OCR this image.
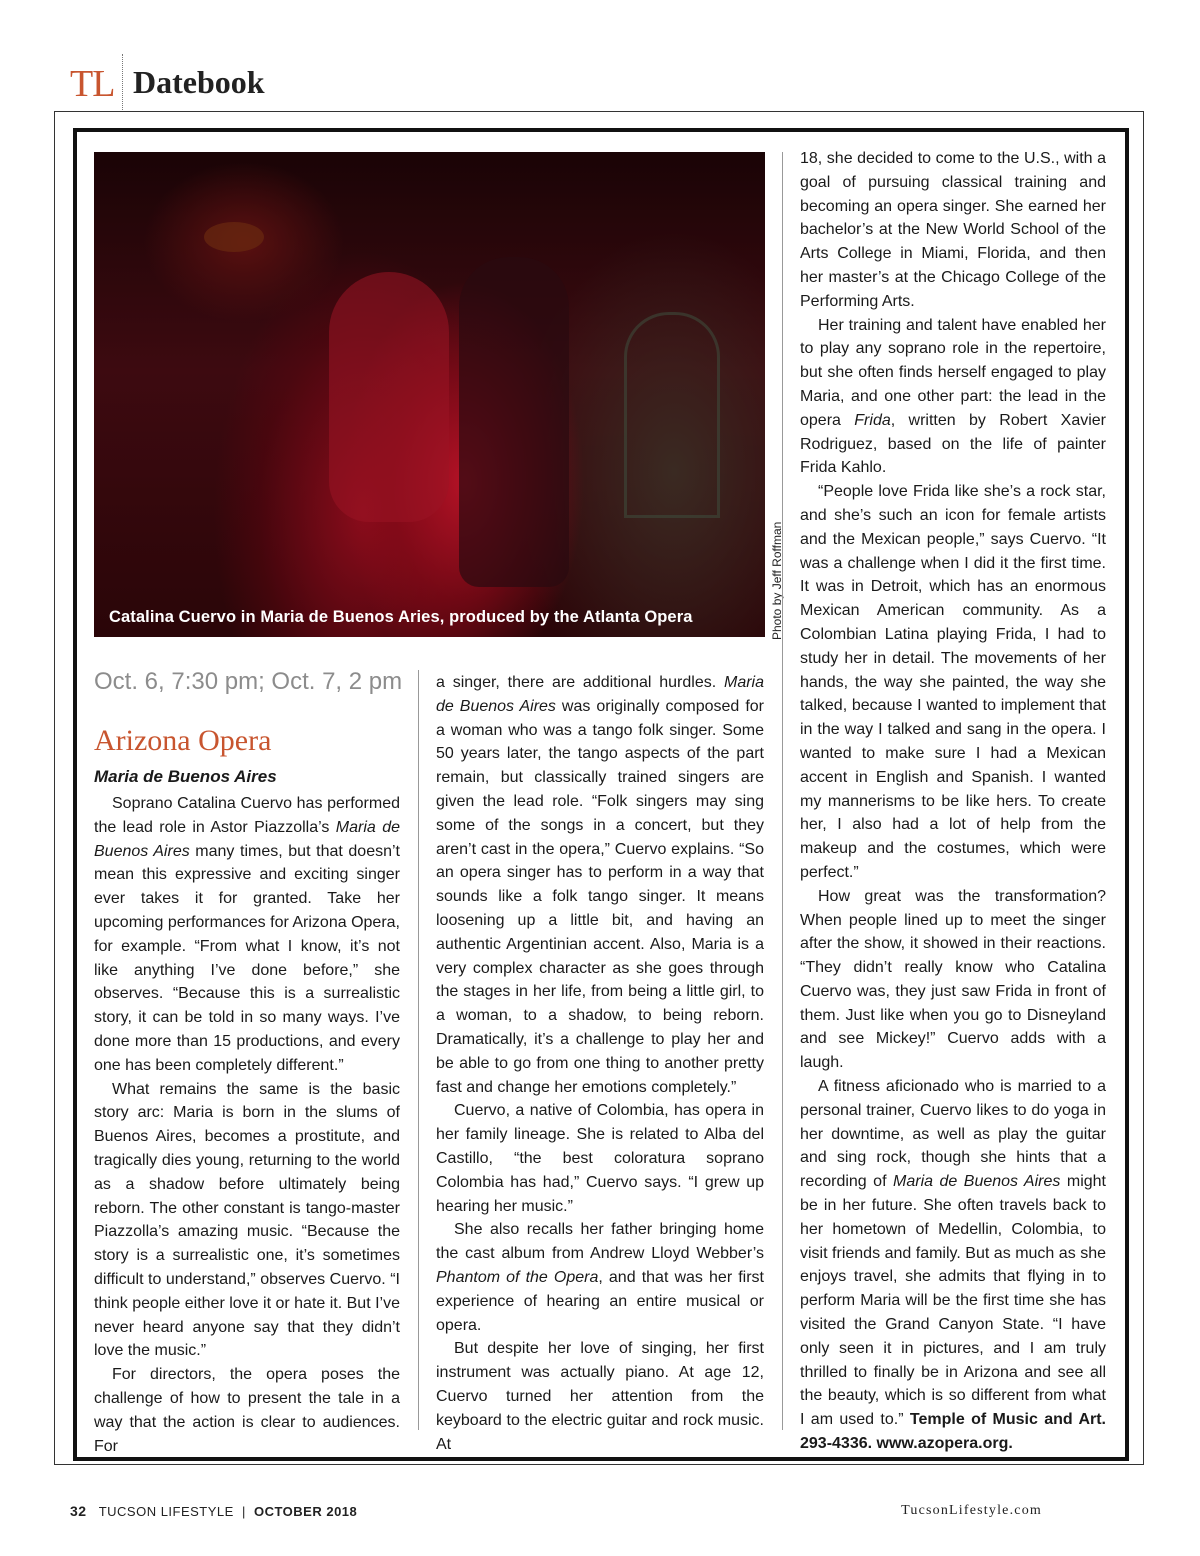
TL Datebook
Catalina Cuervo in Maria de Buenos Aries, produced by the Atlanta Opera	Photo by Jeff Roffman
Oct. 6, 7:30 pm; Oct. 7, 2 pm
Arizona Opera
Maria de Buenos Aires

Soprano Catalina Cuervo has performed the lead role in Astor Piazzolla’s Maria de Buenos Aires many times, but that doesn’t mean this expressive and exciting singer ever takes it for granted. Take her upcoming performances for Arizona Opera, for example. “From what I know, it’s not like anything I’ve done before,” she observes. “Because this is a surrealistic story, it can be told in so many ways. I’ve done more than 15 productions, and every one has been completely different.”

What remains the same is the basic story arc: Maria is born in the slums of Buenos Aires, becomes a prostitute, and tragically dies young, returning to the world as a shadow before ultimately being reborn. The other constant is tango-master Piazzolla’s amazing music. “Because the story is a surrealistic one, it’s sometimes difficult to understand,” observes Cuervo. “I think people either love it or hate it. But I’ve never heard anyone say that they didn’t love the music.”

For directors, the opera poses the challenge of how to present the tale in a way that the action is clear to audiences. For

a singer, there are additional hurdles. Maria de Buenos Aires was originally composed for a woman who was a tango folk singer. Some 50 years later, the tango aspects of the part remain, but classically trained singers are given the lead role. “Folk singers may sing some of the songs in a concert, but they aren’t cast in the opera,” Cuervo explains. “So an opera singer has to perform in a way that sounds like a folk tango singer. It means loosening up a little bit, and having an authentic Argentinian accent. Also, Maria is a very complex character as she goes through the stages in her life, from being a little girl, to a woman, to a shadow, to being reborn. Dramatically, it’s a challenge to play her and be able to go from one thing to another pretty fast and change her emotions completely.”

Cuervo, a native of Colombia, has opera in her family lineage. She is related to Alba del Castillo, “the best coloratura soprano Colombia has had,” Cuervo says. “I grew up hearing her music.”

She also recalls her father bringing home the cast album from Andrew Lloyd Webber’s Phantom of the Opera, and that was her first experience of hearing an entire musical or opera.

But despite her love of singing, her first instrument was actually piano. At age 12, Cuervo turned her attention from the keyboard to the electric guitar and rock music. At

18, she decided to come to the U.S., with a goal of pursuing classical training and becoming an opera singer. She earned her bachelor’s at the New World School of the Arts College in Miami, Florida, and then her master’s at the Chicago College of the Performing Arts.

Her training and talent have enabled her to play any soprano role in the repertoire, but she often finds herself engaged to play Maria, and one other part: the lead in the opera Frida, written by Robert Xavier Rodriguez, based on the life of painter Frida Kahlo.

“People love Frida like she’s a rock star, and she’s such an icon for female artists and the Mexican people,” says Cuervo. “It was a challenge when I did it the first time. It was in Detroit, which has an enormous Mexican American community. As a Colombian Latina playing Frida, I had to study her in detail. The movements of her hands, the way she painted, the way she talked, because I wanted to implement that in the way I talked and sang in the opera. I wanted to make sure I had a Mexican accent in English and Spanish. I wanted my mannerisms to be like hers. To create her, I also had a lot of help from the makeup and the costumes, which were perfect.”

How great was the transformation? When people lined up to meet the singer after the show, it showed in their reactions. “They didn’t really know who Catalina Cuervo was, they just saw Frida in front of them. Just like when you go to Disneyland and see Mickey!” Cuervo adds with a laugh.

A fitness aficionado who is married to a personal trainer, Cuervo likes to do yoga in her downtime, as well as play the guitar and sing rock, though she hints that a recording of Maria de Buenos Aires might be in her future. She often travels back to her hometown of Medellin, Colombia, to visit friends and family. But as much as she enjoys travel, she admits that flying in to perform Maria will be the first time she has visited the Grand Canyon State. “I have only seen it in pictures, and I am truly thrilled to finally be in Arizona and see all the beauty, which is so different from what I am used to.” Temple of Music and Art. 293-4336. www.azopera.org.

32 TUCSON LIFESTYLE | OCTOBER 2018	TucsonLifestyle.com
